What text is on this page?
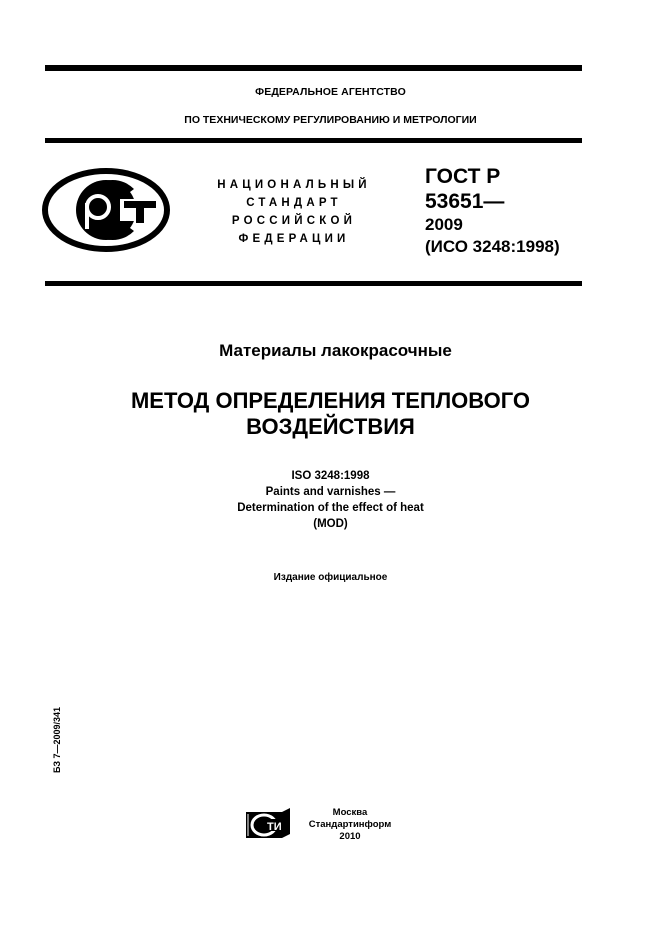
ФЕДЕРАЛЬНОЕ АГЕНТСТВО
ПО ТЕХНИЧЕСКОМУ РЕГУЛИРОВАНИЮ И МЕТРОЛОГИИ
НАЦИОНАЛЬНЫЙ
СТАНДАРТ
РОССИЙСКОЙ
ФЕДЕРАЦИИ
ГОСТ Р
53651—
2009
(ИСО 3248:1998)
Материалы лакокрасочные
МЕТОД ОПРЕДЕЛЕНИЯ ТЕПЛОВОГО
ВОЗДЕЙСТВИЯ
ISO 3248:1998
Paints and varnishes —
Determination of the effect of heat
(MOD)
Издание официальное
БЗ 7—2009/341
ТИ
Москва
Стандартинформ
2010
